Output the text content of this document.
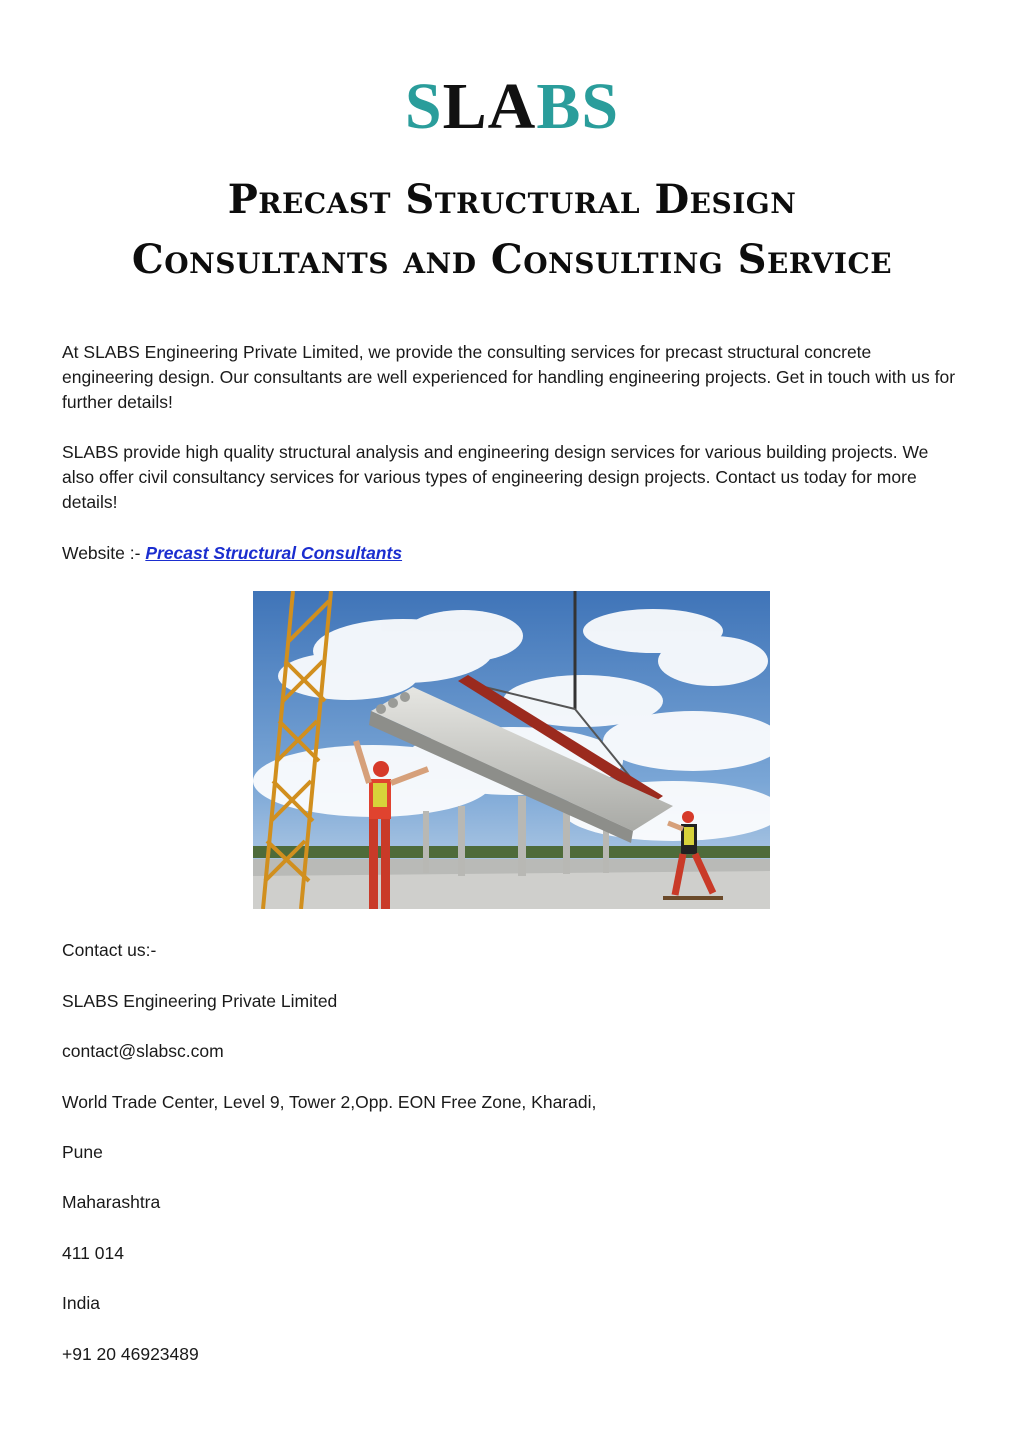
SLABS
Precast Structural Design
Consultants and Consulting Service

At SLABS Engineering Private Limited, we provide the consulting services for precast structural concrete engineering design. Our consultants are well experienced for handling engineering projects. Get in touch with us for further details!

SLABS provide high quality structural analysis and engineering design services for various building projects. We also offer civil consultancy services for various types of engineering design projects. Contact us today for more details!

Website :- Precast Structural Consultants

Contact us:-
SLABS Engineering Private Limited
contact@slabsc.com
World Trade Center, Level 9, Tower 2,Opp. EON Free Zone, Kharadi,
Pune
Maharashtra
411 014
India
+91 20 46923489
